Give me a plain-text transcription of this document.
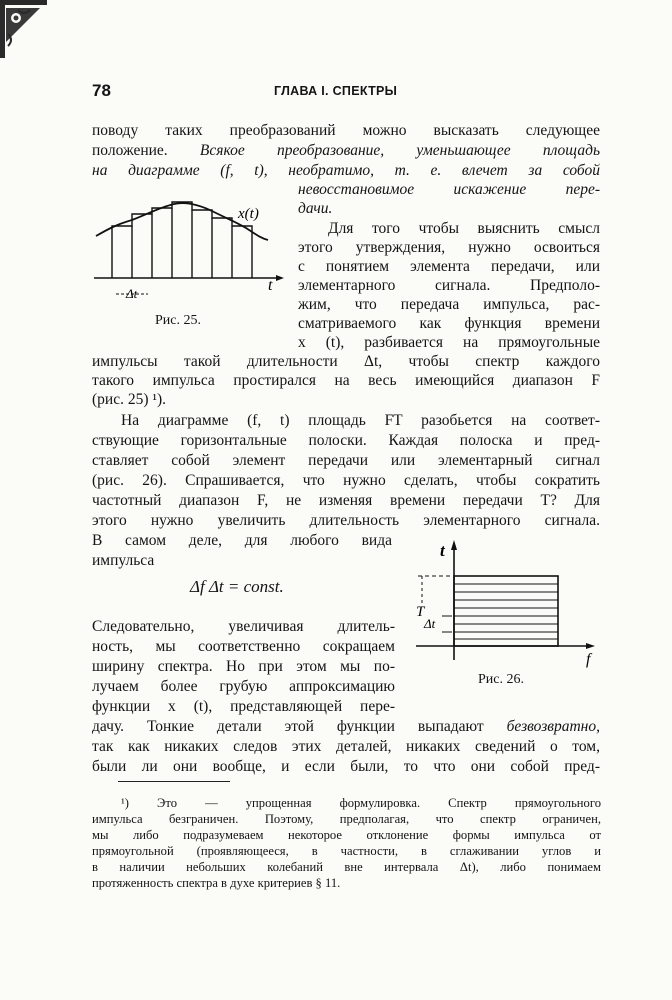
78	ГЛАВА I. СПЕКТРЫ
поводу таких преобразований можно высказать следующее
положение. Всякое преобразование, уменьшающее площадь
на диаграмме (f, t), необратимо, т. е. влечет за собой
невосстановимое искажение пере-
дачи.
Для того чтобы выяснить смысл
этого утверждения, нужно освоиться
с понятием элемента передачи, или
элементарного сигнала. Предполо-
жим, что передача импульса, рас-
сматриваемого как функция времени
x (t), разбивается на прямоугольные
импульсы такой длительности Δt, чтобы спектр каждого
такого импульса простирался на весь имеющийся диапазон F
(рис. 25) ¹).
На диаграмме (f, t) площадь FT разобьется на соответ-
ствующие горизонтальные полоски. Каждая полоска и пред-
ставляет собой элемент передачи или элементарный сигнал
(рис. 26). Спрашивается, что нужно сделать, чтобы сократить
частотный диапазон F, не изменяя времени передачи T? Для
этого нужно увеличить длительность элементарного сигнала.
В самом деле, для любого вида
импульса
Δf Δt = const.
Следовательно, увеличивая длитель-
ность, мы соответственно сокращаем
ширину спектра. Но при этом мы по-
лучаем более грубую аппроксимацию
функции x (t), представляющей пере-
дачу. Тонкие детали этой функции выпадают безвозвратно,
так как никаких следов этих деталей, никаких сведений о том,
были ли они вообще, и если были, то что они собой пред-
¹) Это — упрощенная формулировка. Спектр прямоугольного
импульса безграничен. Поэтому, предполагая, что спектр ограничен,
мы либо подразумеваем некоторое отклонение формы импульса от
прямоугольной (проявляющееся, в частности, в сглаживании углов и
в наличии небольших колебаний вне интервала Δt), либо понимаем
протяженность спектра в духе критериев § 11.
Δt
x(t)
t
Рис. 25.
t
T
Δt
f
Рис. 26.
